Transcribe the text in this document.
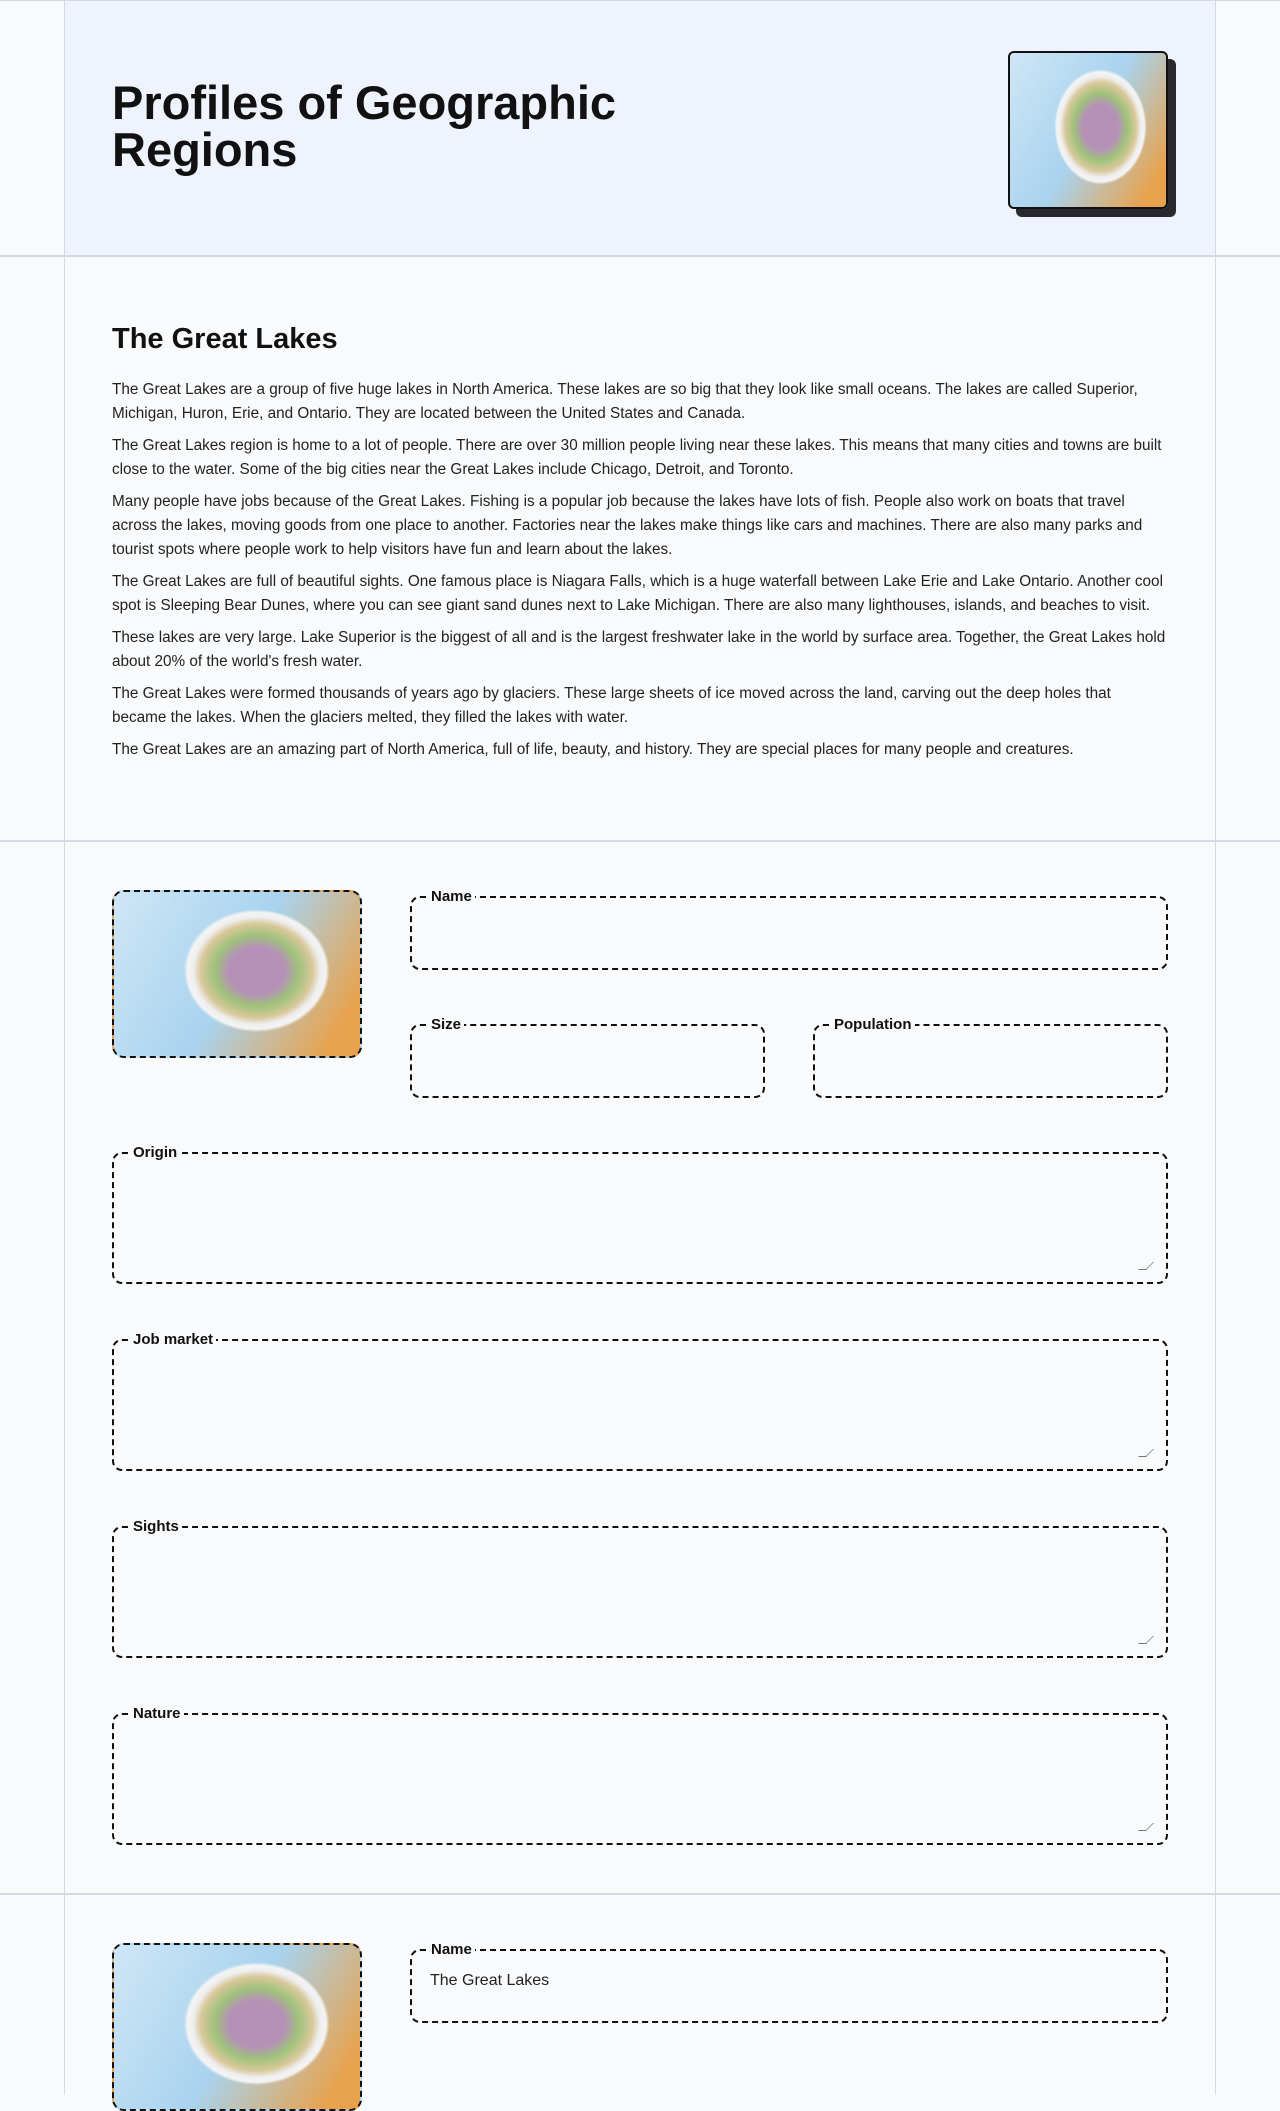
Profiles of Geographic Regions
The Great Lakes

The Great Lakes are a group of five huge lakes in North America. These lakes are so big that they look like small oceans. The lakes are called Superior, Michigan, Huron, Erie, and Ontario. They are located between the United States and Canada.

The Great Lakes region is home to a lot of people. There are over 30 million people living near these lakes. This means that many cities and towns are built close to the water. Some of the big cities near the Great Lakes include Chicago, Detroit, and Toronto.

Many people have jobs because of the Great Lakes. Fishing is a popular job because the lakes have lots of fish. People also work on boats that travel across the lakes, moving goods from one place to another. Factories near the lakes make things like cars and machines. There are also many parks and tourist spots where people work to help visitors have fun and learn about the lakes.

The Great Lakes are full of beautiful sights. One famous place is Niagara Falls, which is a huge waterfall between Lake Erie and Lake Ontario. Another cool spot is Sleeping Bear Dunes, where you can see giant sand dunes next to Lake Michigan. There are also many lighthouses, islands, and beaches to visit.

These lakes are very large. Lake Superior is the biggest of all and is the largest freshwater lake in the world by surface area. Together, the Great Lakes hold about 20% of the world's fresh water.

The Great Lakes were formed thousands of years ago by glaciers. These large sheets of ice moved across the land, carving out the deep holes that became the lakes. When the glaciers melted, they filled the lakes with water.

The Great Lakes are an amazing part of North America, full of life, beauty, and history. They are special places for many people and creatures.

Name
Size	Population
Origin
Job market
Sights
Nature
Name
The Great Lakes
